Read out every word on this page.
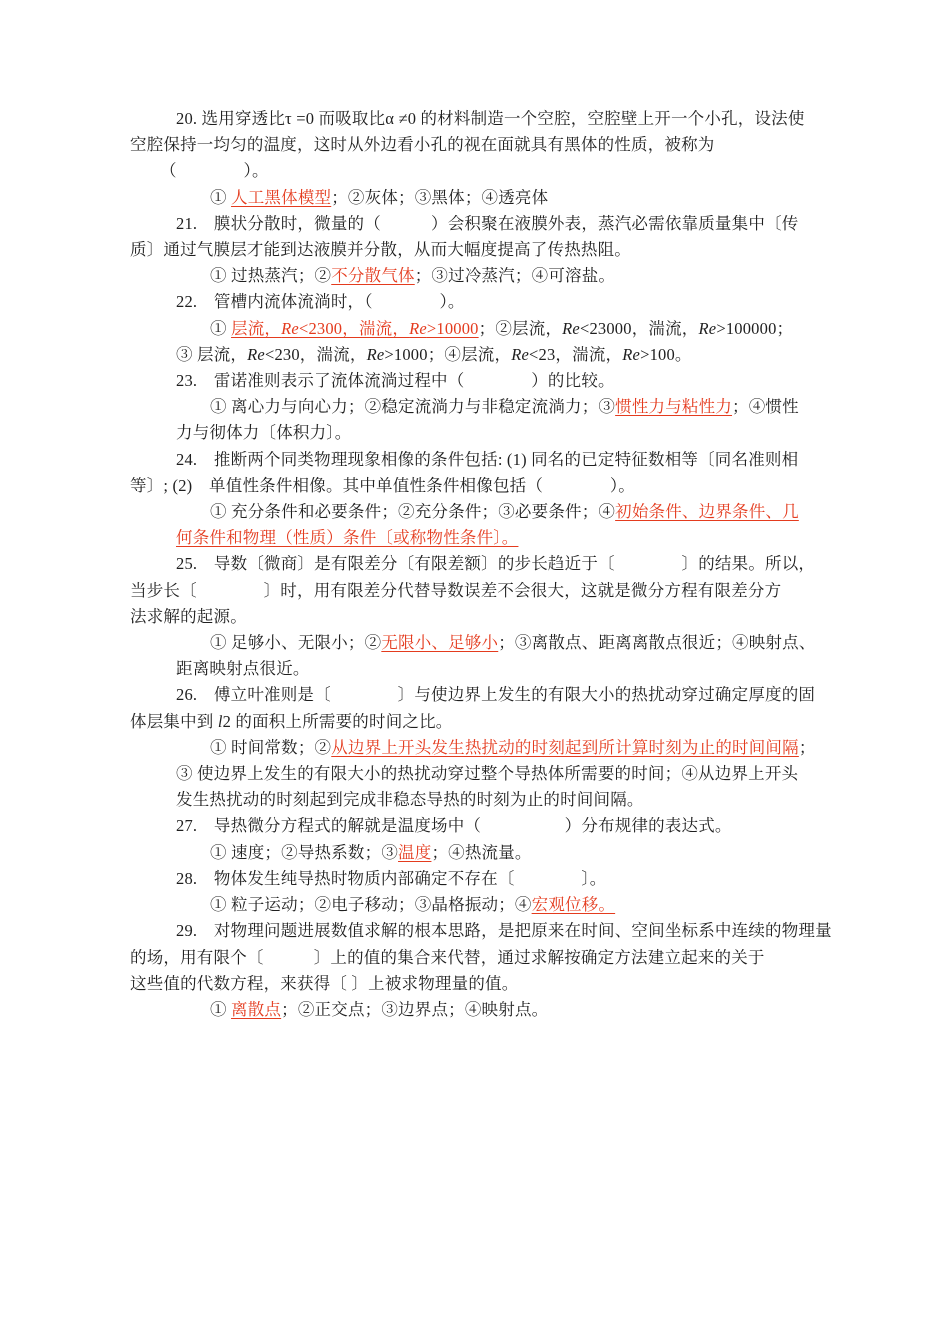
20. 选用穿透比τ =0 而吸取比α ≠0 的材料制造一个空腔，空腔壁上开一个小孔，设法使
空腔保持一均匀的温度，这时从外边看小孔的视在面就具有黑体的性质，被称为
（　　　　）。
① 人工黑体模型；②灰体；③黑体；④透亮体
21.　膜状分散时，微量的（　　　）会积聚在液膜外表，蒸汽必需依靠质量集中〔传
质〕通过气膜层才能到达液膜并分散，从而大幅度提高了传热热阻。
① 过热蒸汽；②不分散气体；③过冷蒸汽；④可溶盐。
22.　管槽内流体流淌时，（　　　　）。
① 层流，Re<2300，湍流，Re>10000；②层流，Re<23000，湍流，Re>100000；
③ 层流，Re<230，湍流，Re>1000；④层流，Re<23，湍流，Re>100。
23.　雷诺准则表示了流体流淌过程中（　　　　）的比较。
① 离心力与向心力；②稳定流淌力与非稳定流淌力；③惯性力与粘性力；④惯性
力与彻体力〔体积力〕。
24.　推断两个同类物理现象相像的条件包括: (1) 同名的已定特征数相等〔同名准则相
等〕; (2)　单值性条件相像。其中单值性条件相像包括（　　　　）。
① 充分条件和必要条件；②充分条件；③必要条件；④初始条件、边界条件、几
何条件和物理（性质）条件〔或称物性条件〕。
25.　导数〔微商〕是有限差分〔有限差额〕的步长趋近于〔　　　　〕的结果。所以，
当步长〔　　　　〕时，用有限差分代替导数误差不会很大，这就是微分方程有限差分方
法求解的起源。
① 足够小、无限小；②无限小、足够小；③离散点、距离离散点很近；④映射点、
距离映射点很近。
26.　傅立叶准则是〔　　　　〕与使边界上发生的有限大小的热扰动穿过确定厚度的固
体层集中到 l2 的面积上所需要的时间之比。
① 时间常数；②从边界上开头发生热扰动的时刻起到所计算时刻为止的时间间隔；
③ 使边界上发生的有限大小的热扰动穿过整个导热体所需要的时间；④从边界上开头
发生热扰动的时刻起到完成非稳态导热的时刻为止的时间间隔。
27.　导热微分方程式的解就是温度场中（　　　　　）分布规律的表达式。
① 速度；②导热系数；③温度；④热流量。
28.　物体发生纯导热时物质内部确定不存在〔　　　　〕。
① 粒子运动；②电子移动；③晶格振动；④宏观位移。
29.　对物理问题进展数值求解的根本思路，是把原来在时间、空间坐标系中连续的物理量
的场，用有限个〔　　　〕上的值的集合来代替，通过求解按确定方法建立起来的关于
这些值的代数方程，来获得〔 〕上被求物理量的值。
① 离散点；②正交点；③边界点；④映射点。
